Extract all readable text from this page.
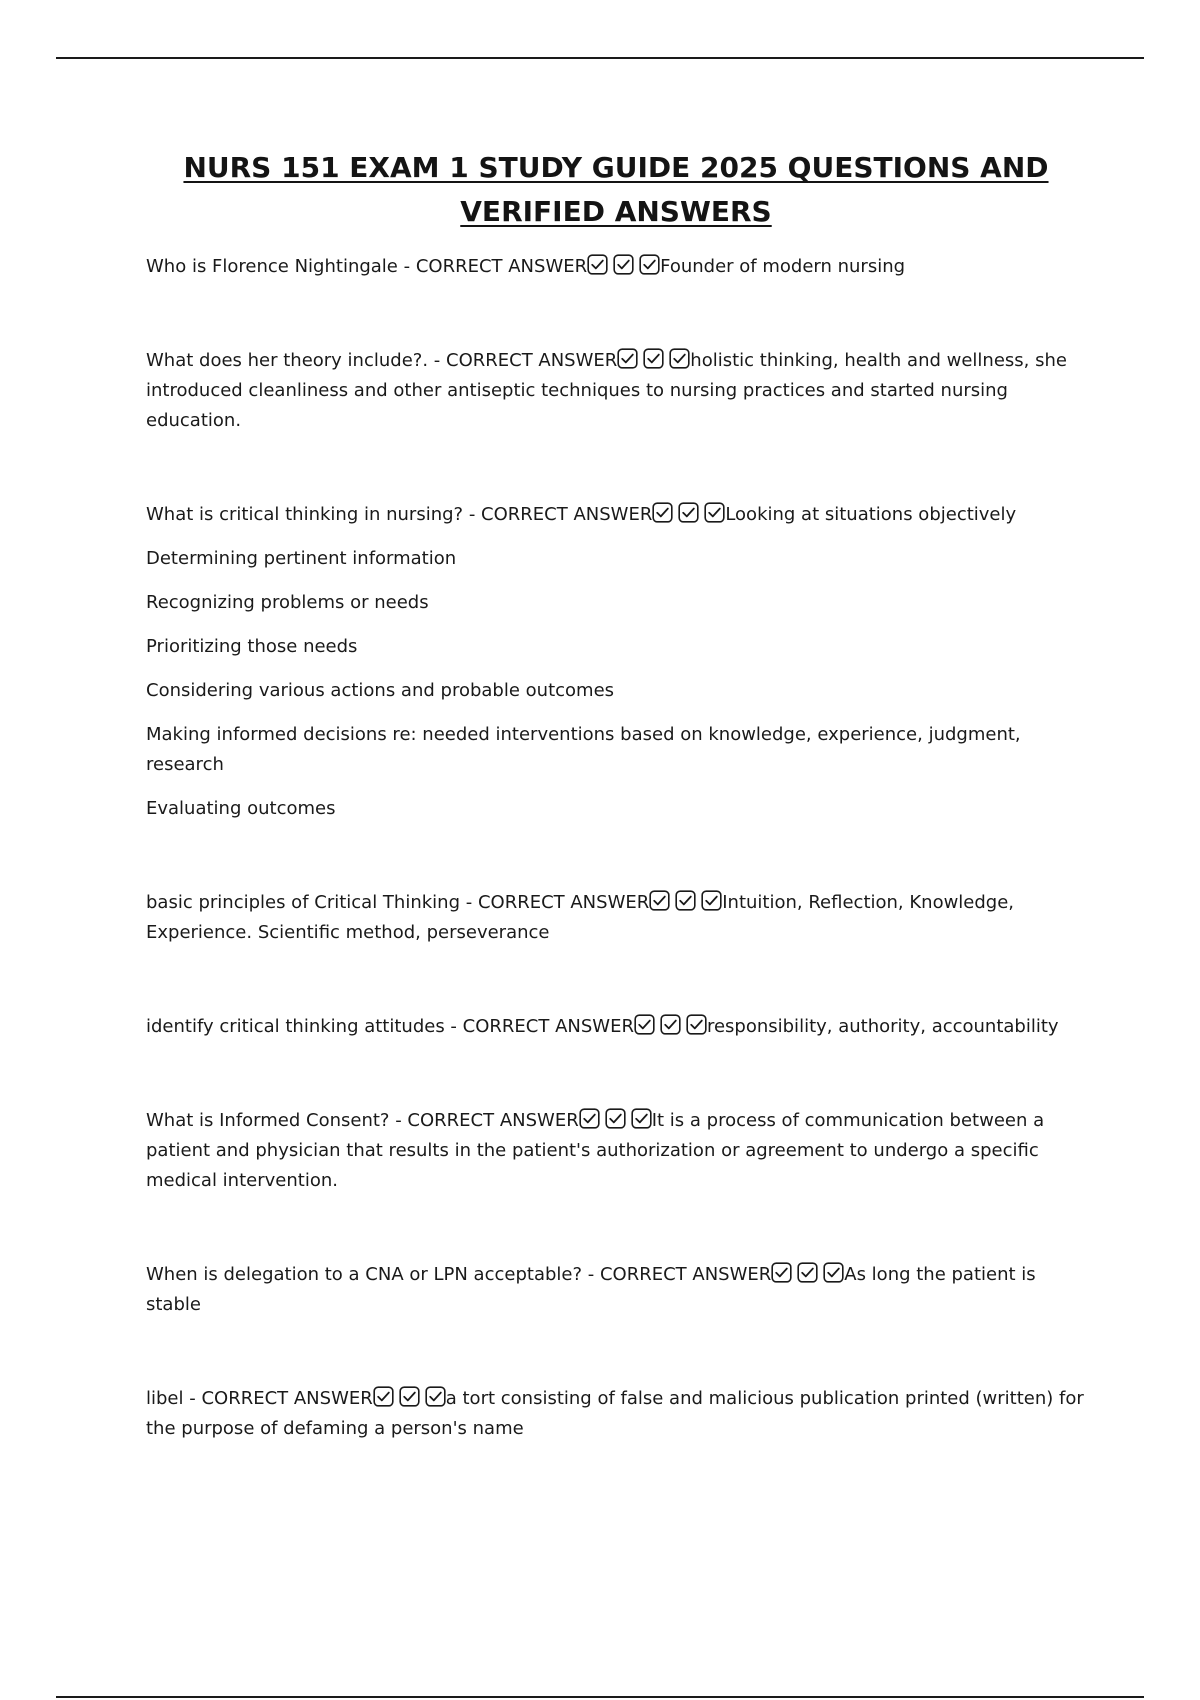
NURS 151 EXAM 1 STUDY GUIDE 2025 QUESTIONS AND VERIFIED ANSWERS

Who is Florence Nightingale - CORRECT ANSWER	Founder of modern nursing

What does her theory include?. - CORRECT ANSWER	holistic thinking, health and wellness, she introduced cleanliness and other antiseptic techniques to nursing practices and started nursing education.

What is critical thinking in nursing? - CORRECT ANSWER	Looking at situations objectively

Determining pertinent information

Recognizing problems or needs

Prioritizing those needs

Considering various actions and probable outcomes

Making informed decisions re: needed interventions based on knowledge, experience, judgment, research

Evaluating outcomes

basic principles of Critical Thinking - CORRECT ANSWER	Intuition, Reflection, Knowledge, Experience. Scientific method, perseverance

identify critical thinking attitudes - CORRECT ANSWER	responsibility, authority, accountability

What is Informed Consent? - CORRECT ANSWER	It is a process of communication between a patient and physician that results in the patient's authorization or agreement to undergo a specific medical intervention.

When is delegation to a CNA or LPN acceptable? - CORRECT ANSWER	As long the patient is stable

libel - CORRECT ANSWER	a tort consisting of false and malicious publication printed (written) for the purpose of defaming a person's name
